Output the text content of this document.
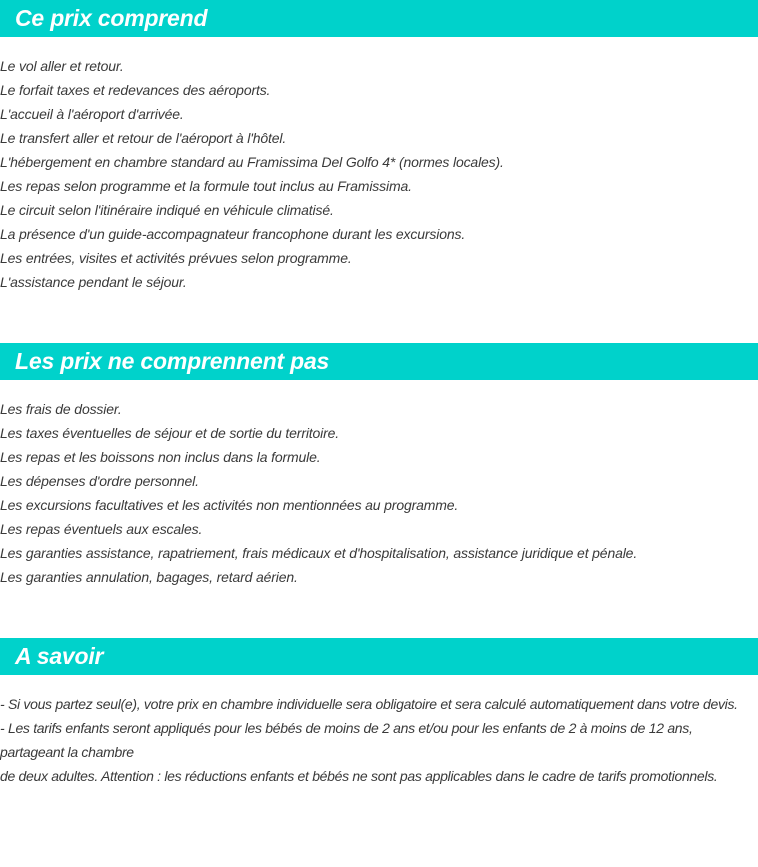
Ce prix comprend
Le vol aller et retour.
Le forfait taxes et redevances des aéroports.
L'accueil à l'aéroport d'arrivée.
Le transfert aller et retour de l'aéroport à l'hôtel.
L'hébergement en chambre standard au Framissima Del Golfo 4* (normes locales).
Les repas selon programme et la formule tout inclus au Framissima.
Le circuit selon l'itinéraire indiqué en véhicule climatisé.
La présence d'un guide-accompagnateur francophone durant les excursions.
Les entrées, visites et activités prévues selon programme.
L'assistance pendant le séjour.
Les prix ne comprennent pas
Les frais de dossier.
Les taxes éventuelles de séjour et de sortie du territoire.
Les repas et les boissons non inclus dans la formule.
Les dépenses d'ordre personnel.
Les excursions facultatives et les activités non mentionnées au programme.
Les repas éventuels aux escales.
Les garanties assistance, rapatriement, frais médicaux et d'hospitalisation, assistance juridique et pénale.
Les garanties annulation, bagages, retard aérien.
A savoir
- Si vous partez seul(e), votre prix en chambre individuelle sera obligatoire et sera calculé automatiquement dans votre devis.
- Les tarifs enfants seront appliqués pour les bébés de moins de 2 ans et/ou pour les enfants de 2 à moins de 12 ans, partageant la chambre
de deux adultes. Attention : les réductions enfants et bébés ne sont pas applicables dans le cadre de tarifs promotionnels.
